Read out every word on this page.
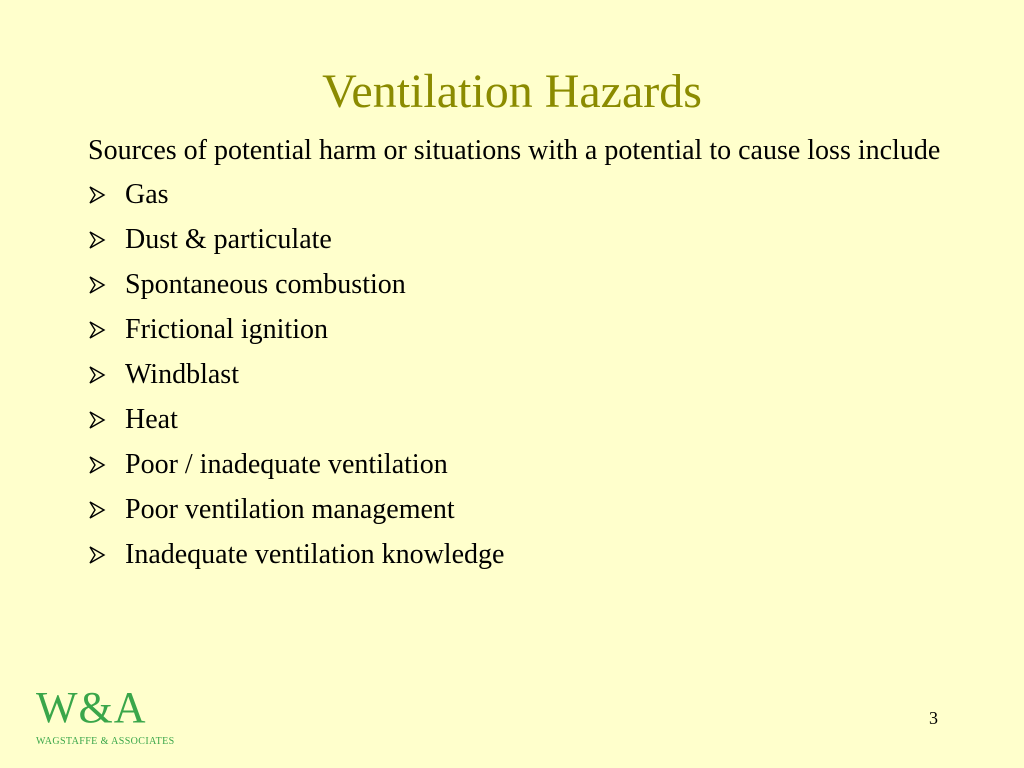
Ventilation Hazards

Sources of potential harm or situations with a potential to cause loss include

Gas
Dust & particulate
Spontaneous combustion
Frictional ignition
Windblast
Heat
Poor / inadequate ventilation
Poor ventilation management
Inadequate ventilation knowledge
W&A
WAGSTAFFE & ASSOCIATES
3
